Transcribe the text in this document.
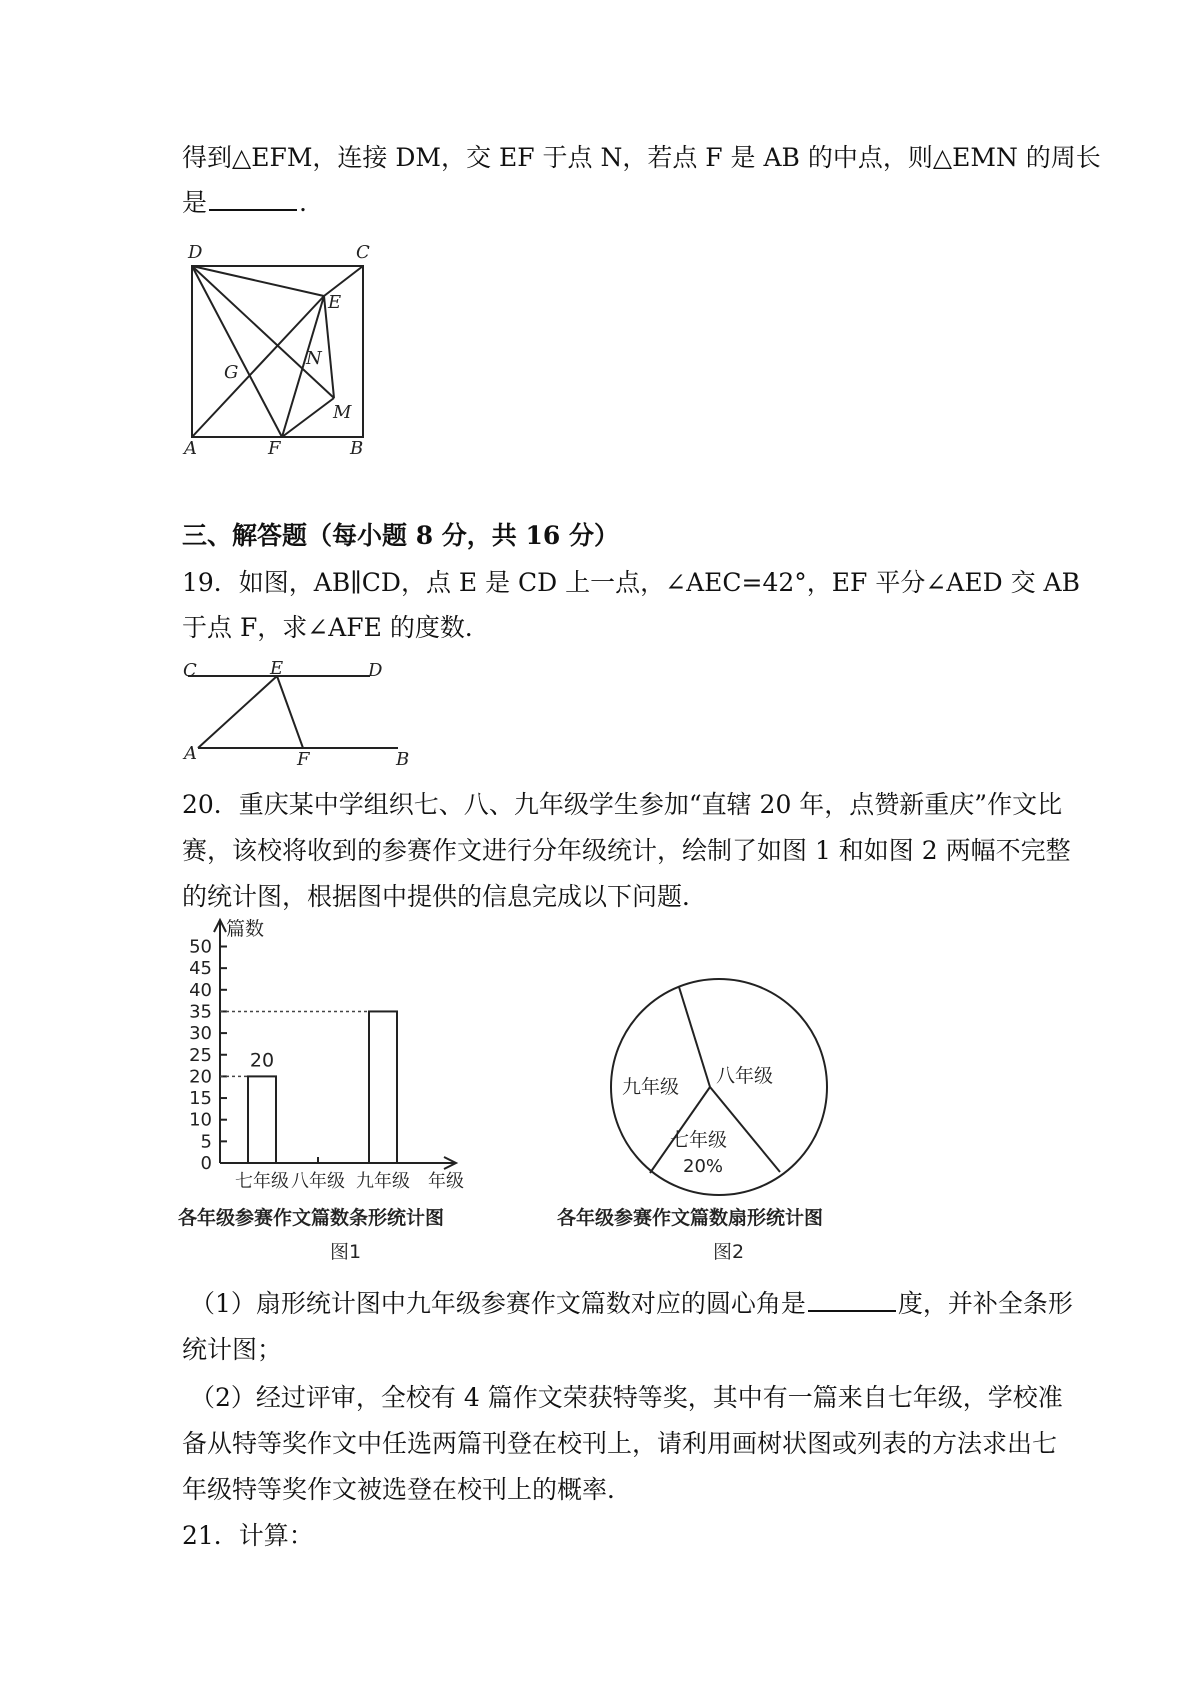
得到△EFM，连接 DM，交 EF 于点 N，若点 F 是 AB 的中点，则△EMN 的周长
是	.
D	C
E
G
N
M
A	F	B
三、解答题（每小题 8 分，共 16 分）
19．如图，AB∥CD，点 E 是 CD 上一点，∠AEC=42°，EF 平分∠AED 交 AB
于点 F，求∠AFE 的度数．
C	E	D
A	F	B
20．重庆某中学组织七、八、九年级学生参加“直辖 20 年，点赞新重庆”作文比
赛，该校将收到的参赛作文进行分年级统计，绘制了如图 1 和如图 2 两幅不完整
的统计图，根据图中提供的信息完成以下问题．
篇数
年级
0
5
10
15
20
25
30
35
40
45
50
七年级
20
八年级 九年级
各年级参赛作文篇数条形统计图
图1
九年级 八年级
七年级
20%
各年级参赛作文篇数扇形统计图
图2
（1）扇形统计图中九年级参赛作文篇数对应的圆心角是	度，并补全条形
统计图；
（2）经过评审，全校有 4 篇作文荣获特等奖，其中有一篇来自七年级，学校准
备从特等奖作文中任选两篇刊登在校刊上，请利用画树状图或列表的方法求出七
年级特等奖作文被选登在校刊上的概率．
21．计算：
